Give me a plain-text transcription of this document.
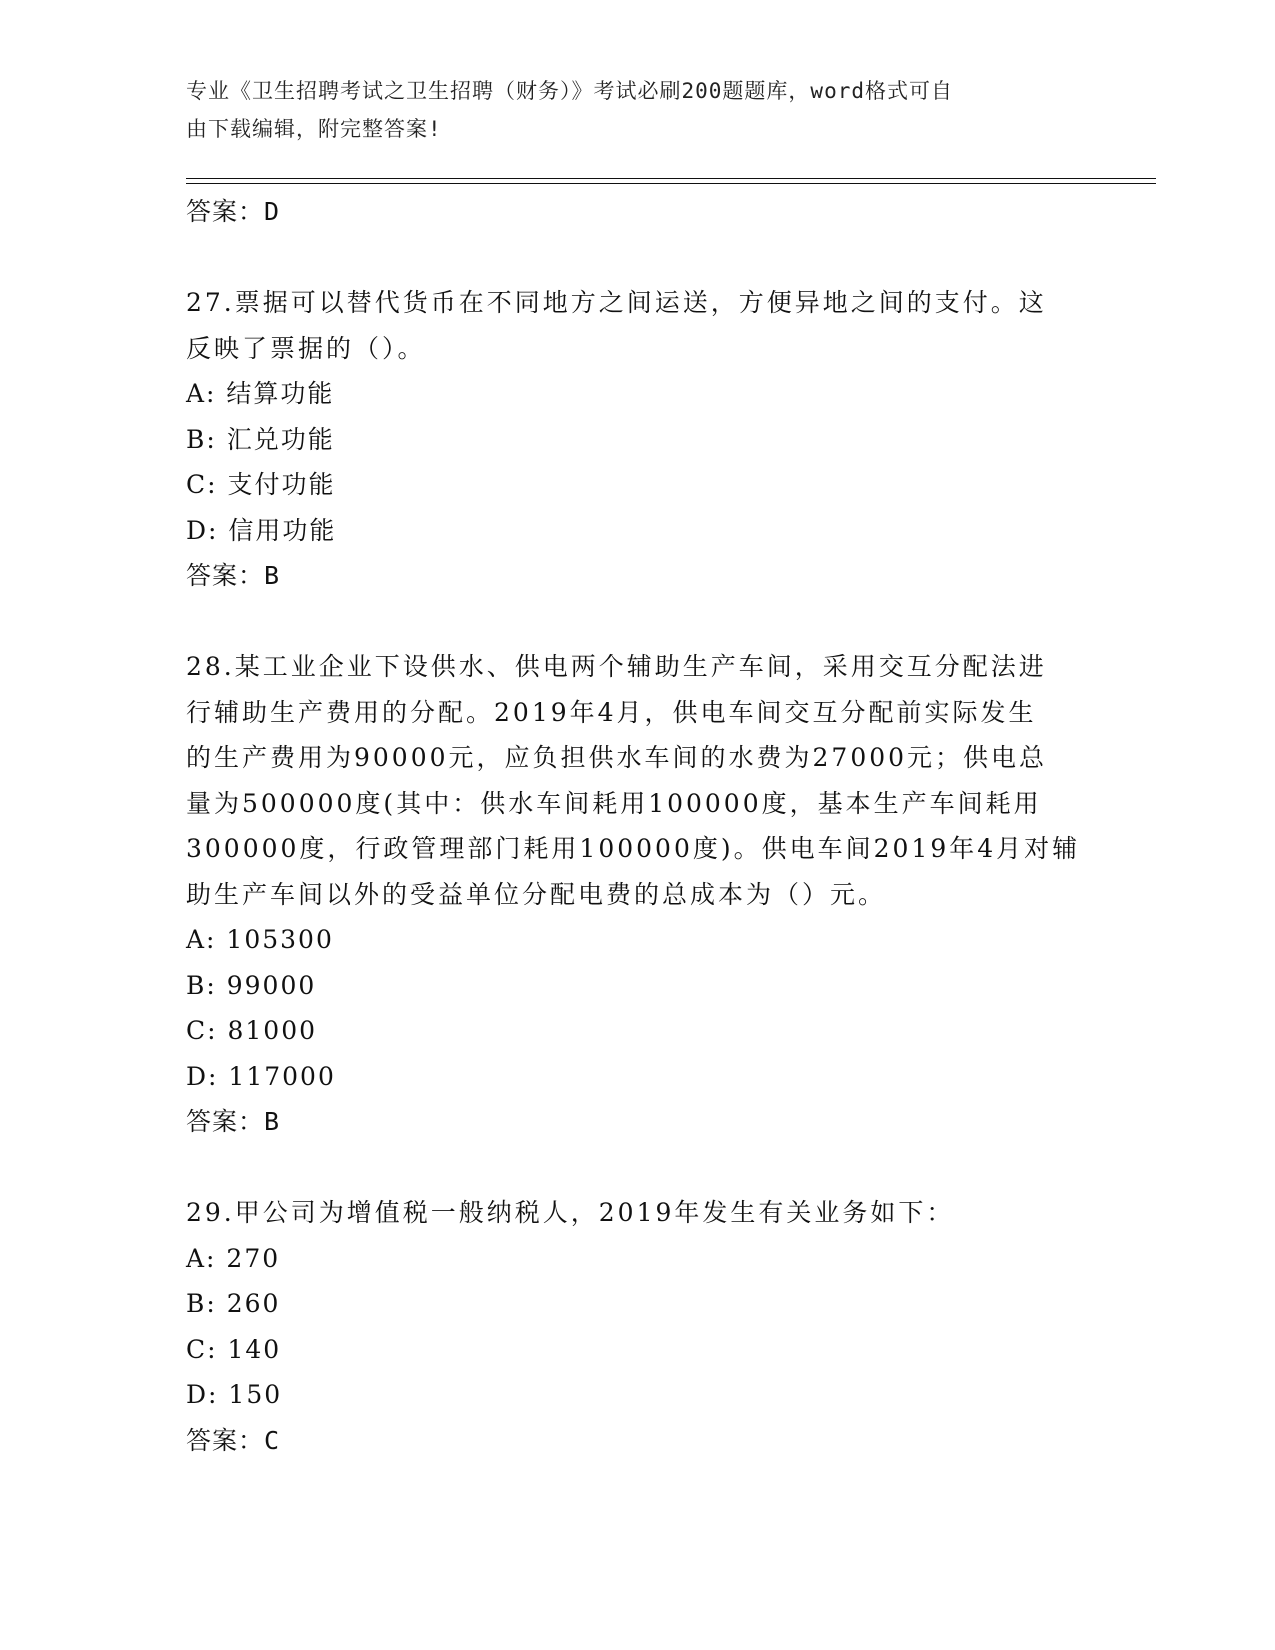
专业《卫生招聘考试之卫生招聘（财务）》考试必刷200题题库，word格式可自
由下载编辑，附完整答案!
答案：D
27.票据可以替代货币在不同地方之间运送，方便异地之间的支付。这
反映了票据的（）。
A: 结算功能
B: 汇兑功能
C: 支付功能
D: 信用功能
答案：B
28.某工业企业下设供水、供电两个辅助生产车间，采用交互分配法进
行辅助生产费用的分配。2019年4月，供电车间交互分配前实际发生
的生产费用为90000元，应负担供水车间的水费为27000元；供电总
量为500000度(其中：供水车间耗用100000度，基本生产车间耗用
300000度，行政管理部门耗用100000度)。供电车间2019年4月对辅
助生产车间以外的受益单位分配电费的总成本为（）元。
A: 105300
B: 99000
C: 81000
D: 117000
答案：B
29.甲公司为增值税一般纳税人，2019年发生有关业务如下：
A: 270
B: 260
C: 140
D: 150
答案：C
